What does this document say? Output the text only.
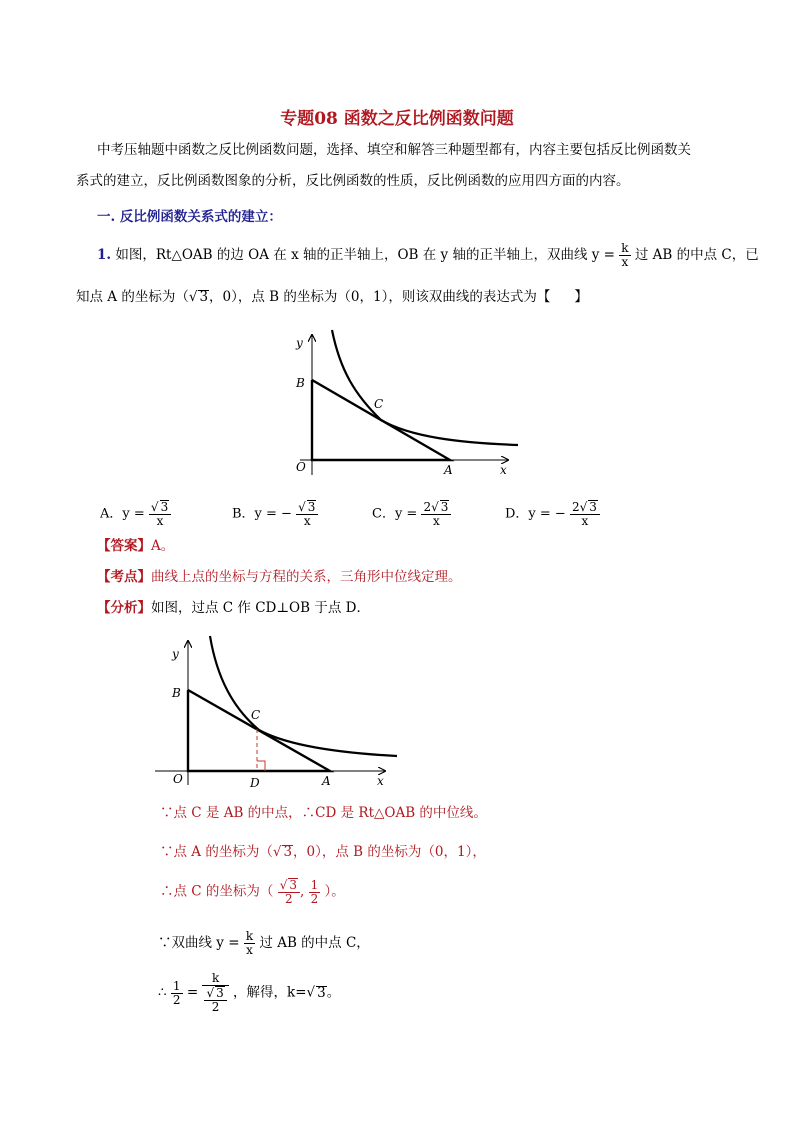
专题08 函数之反比例函数问题
中考压轴题中函数之反比例函数问题，选择、填空和解答三种题型都有，内容主要包括反比例函数关
系式的建立，反比例函数图象的分析，反比例函数的性质，反比例函数的应用四方面的内容。
一. 反比例函数关系式的建立：
1. 如图，Rt△OAB 的边 OA 在 x 轴的正半轴上，OB 在 y 轴的正半轴上，双曲线 $y = \frac{k}{x}$ 过 AB 的中点 C，已
知点 A 的坐标为（√ 3，0），点 B 的坐标为（0，1），则该双曲线的表达式为【 】
y
B
O
C
A	x
A．$y = \frac{√ 3}{x}$	B．y = − $\frac{√ 3}{x}$	C．$y = \frac{2√ 3}{x}$	D．y = − $\frac{2√ 3}{x}$
【答案】A。
【考点】曲线上点的坐标与方程的关系，三角形中位线定理。
【分析】如图，过点 C 作 CD⊥OB 于点 D．
y
B
O
C
D	A	x
∵点 C 是 AB 的中点，∴CD 是 Rt△OAB 的中位线。
∵点 A 的坐标为（√ 3，0），点 B 的坐标为（0，1），
∴点 C 的坐标为（ $\frac{√ 3}{2}$ , $\frac{1}{2}$ ）。
∵双曲线 $y = \frac{k}{x}$ 过 AB 的中点 C，
∴ $\frac{1}{2} = \frac{k}{\frac{√ 3}{2}}$ ，解得，k=√ 3。
